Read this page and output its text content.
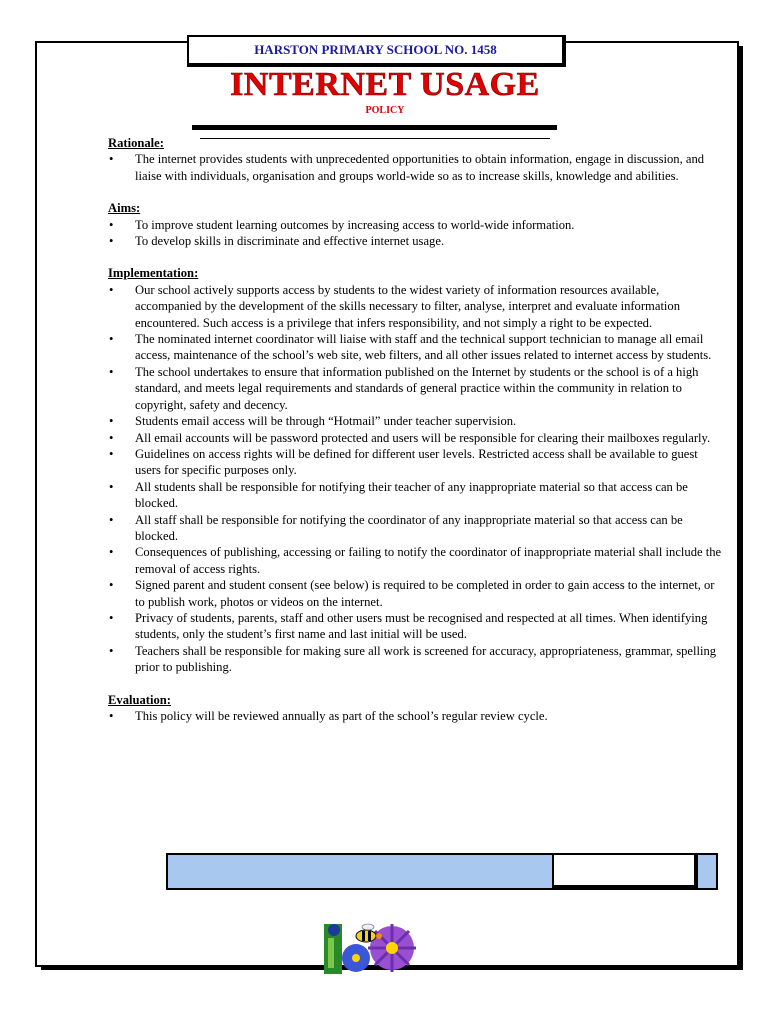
HARSTON PRIMARY SCHOOL NO. 1458
INTERNET USAGE
POLICY
Rationale:
• The internet provides students with unprecedented opportunities to obtain information, engage in discussion, and liaise with individuals, organisation and groups world-wide so as to increase skills, knowledge and abilities.
Aims:
• To improve student learning outcomes by increasing access to world-wide information.
• To develop skills in discriminate and effective internet usage.
Implementation:
• Our school actively supports access by students to the widest variety of information resources available, accompanied by the development of the skills necessary to filter, analyse, interpret and evaluate information encountered. Such access is a privilege that infers responsibility, and not simply a right to be expected.
• The nominated internet coordinator will liaise with staff and the technical support technician to manage all email access, maintenance of the school’s web site, web filters, and all other issues related to internet access by students.
• The school undertakes to ensure that information published on the Internet by students or the school is of a high standard, and meets legal requirements and standards of general practice within the community in relation to copyright, safety and decency.
• Students email access will be through “Hotmail” under teacher supervision.
• All email accounts will be password protected and users will be responsible for clearing their mailboxes regularly.
• Guidelines on access rights will be defined for different user levels. Restricted access shall be available to guest users for specific purposes only.
• All students shall be responsible for notifying their teacher of any inappropriate material so that access can be blocked.
• All staff shall be responsible for notifying the coordinator of any inappropriate material so that access can be blocked.
• Consequences of publishing, accessing or failing to notify the coordinator of inappropriate material shall include the removal of access rights.
• Signed parent and student consent (see below) is required to be completed in order to gain access to the internet, or to publish work, photos or videos on the internet.
• Privacy of students, parents, staff and other users must be recognised and respected at all times. When identifying students, only the student’s first name and last initial will be used.
• Teachers shall be responsible for making sure all work is screened for accuracy, appropriateness, grammar, spelling prior to publishing.
Evaluation:
• This policy will be reviewed annually as part of the school’s regular review cycle.
